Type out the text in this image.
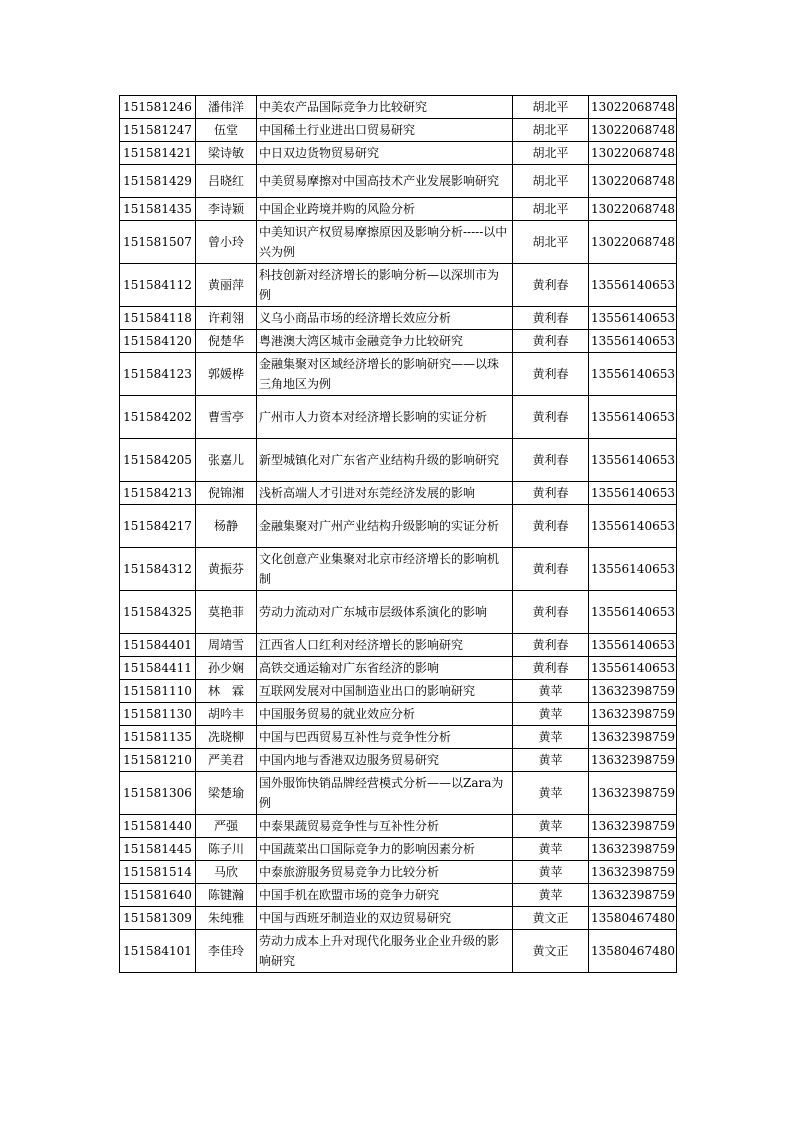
151581246	潘伟洋	中美农产品国际竞争力比较研究	胡北平	13022068748
151581247	伍堂	中国稀土行业进出口贸易研究	胡北平	13022068748
151581421	梁诗敏	中日双边货物贸易研究	胡北平	13022068748
151581429	吕晓红	中美贸易摩擦对中国高技术产业发展影响研究	胡北平	13022068748
151581435	李诗颖	中国企业跨境并购的风险分析	胡北平	13022068748
151581507	曾小玲	中美知识产权贸易摩擦原因及影响分析-----以中兴为例	胡北平	13022068748
151584112	黄丽萍	科技创新对经济增长的影响分析—以深圳市为例	黄利春	13556140653
151584118	许莉翎	义乌小商品市场的经济增长效应分析	黄利春	13556140653
151584120	倪楚华	粤港澳大湾区城市金融竞争力比较研究	黄利春	13556140653
151584123	郭媛桦	金融集聚对区域经济增长的影响研究——以珠三角地区为例	黄利春	13556140653
151584202	曹雪亭	广州市人力资本对经济增长影响的实证分析	黄利春	13556140653
151584205	张嘉儿	新型城镇化对广东省产业结构升级的影响研究	黄利春	13556140653
151584213	倪锦湘	浅析高端人才引进对东莞经济发展的影响	黄利春	13556140653
151584217	杨静	金融集聚对广州产业结构升级影响的实证分析	黄利春	13556140653
151584312	黄振芬	文化创意产业集聚对北京市经济增长的影响机制	黄利春	13556140653
151584325	莫艳菲	劳动力流动对广东城市层级体系演化的影响	黄利春	13556140653
151584401	周靖雪	江西省人口红利对经济增长的影响研究	黄利春	13556140653
151584411	孙少娴	高铁交通运输对广东省经济的影响	黄利春	13556140653
151581110	林　霖	互联网发展对中国制造业出口的影响研究	黄苹	13632398759
151581130	胡吟丰	中国服务贸易的就业效应分析	黄苹	13632398759
151581135	冼晓柳	中国与巴西贸易互补性与竞争性分析	黄苹	13632398759
151581210	严美君	中国内地与香港双边服务贸易研究	黄苹	13632398759
151581306	梁楚瑜	国外服饰快销品牌经营模式分析——以Zara为例	黄苹	13632398759
151581440	严强	中泰果蔬贸易竞争性与互补性分析	黄苹	13632398759
151581445	陈子川	中国蔬菜出口国际竞争力的影响因素分析	黄苹	13632398759
151581514	马欣	中泰旅游服务贸易竞争力比较分析	黄苹	13632398759
151581640	陈键瀚	中国手机在欧盟市场的竞争力研究	黄苹	13632398759
151581309	朱纯雅	中国与西班牙制造业的双边贸易研究	黄文正	13580467480
151584101	李佳玲	劳动力成本上升对现代化服务业企业升级的影响研究	黄文正	13580467480
